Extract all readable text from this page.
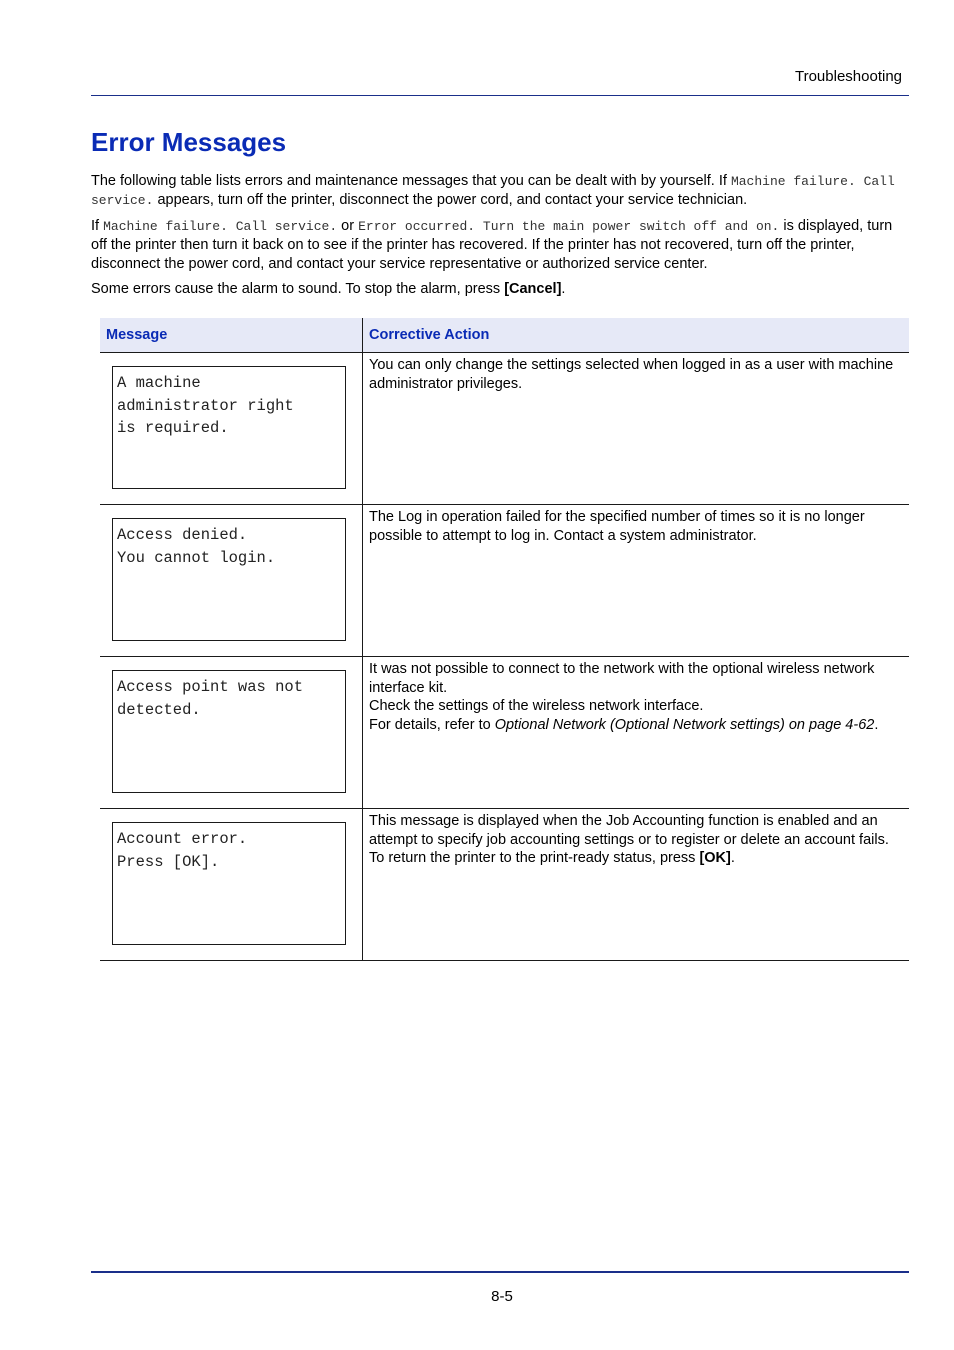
Troubleshooting
Error Messages

The following table lists errors and maintenance messages that you can be dealt with by yourself. If Machine failure. Call service. appears, turn off the printer, disconnect the power cord, and contact your service technician.

If Machine failure. Call service. or Error occurred. Turn the main power switch off and on. is displayed, turn off the printer then turn it back on to see if the printer has recovered. If the printer has not recovered, turn off the printer, disconnect the power cord, and contact your service representative or authorized service center.

Some errors cause the alarm to sound. To stop the alarm, press [Cancel].

Message	Corrective Action

A machine
administrator right
is required.	You can only change the settings selected when logged in as a user with machine administrator privileges.

Access denied.
You cannot login.	The Log in operation failed for the specified number of times so it is no longer possible to attempt to log in. Contact a system administrator.

Access point was not
detected.	It was not possible to connect to the network with the optional wireless network interface kit.
Check the settings of the wireless network interface.
For details, refer to Optional Network (Optional Network settings) on page 4-62.

Account error.
Press [OK].	This message is displayed when the Job Accounting function is enabled and an attempt to specify job accounting settings or to register or delete an account fails. To return the printer to the print-ready status, press [OK].
8-5
